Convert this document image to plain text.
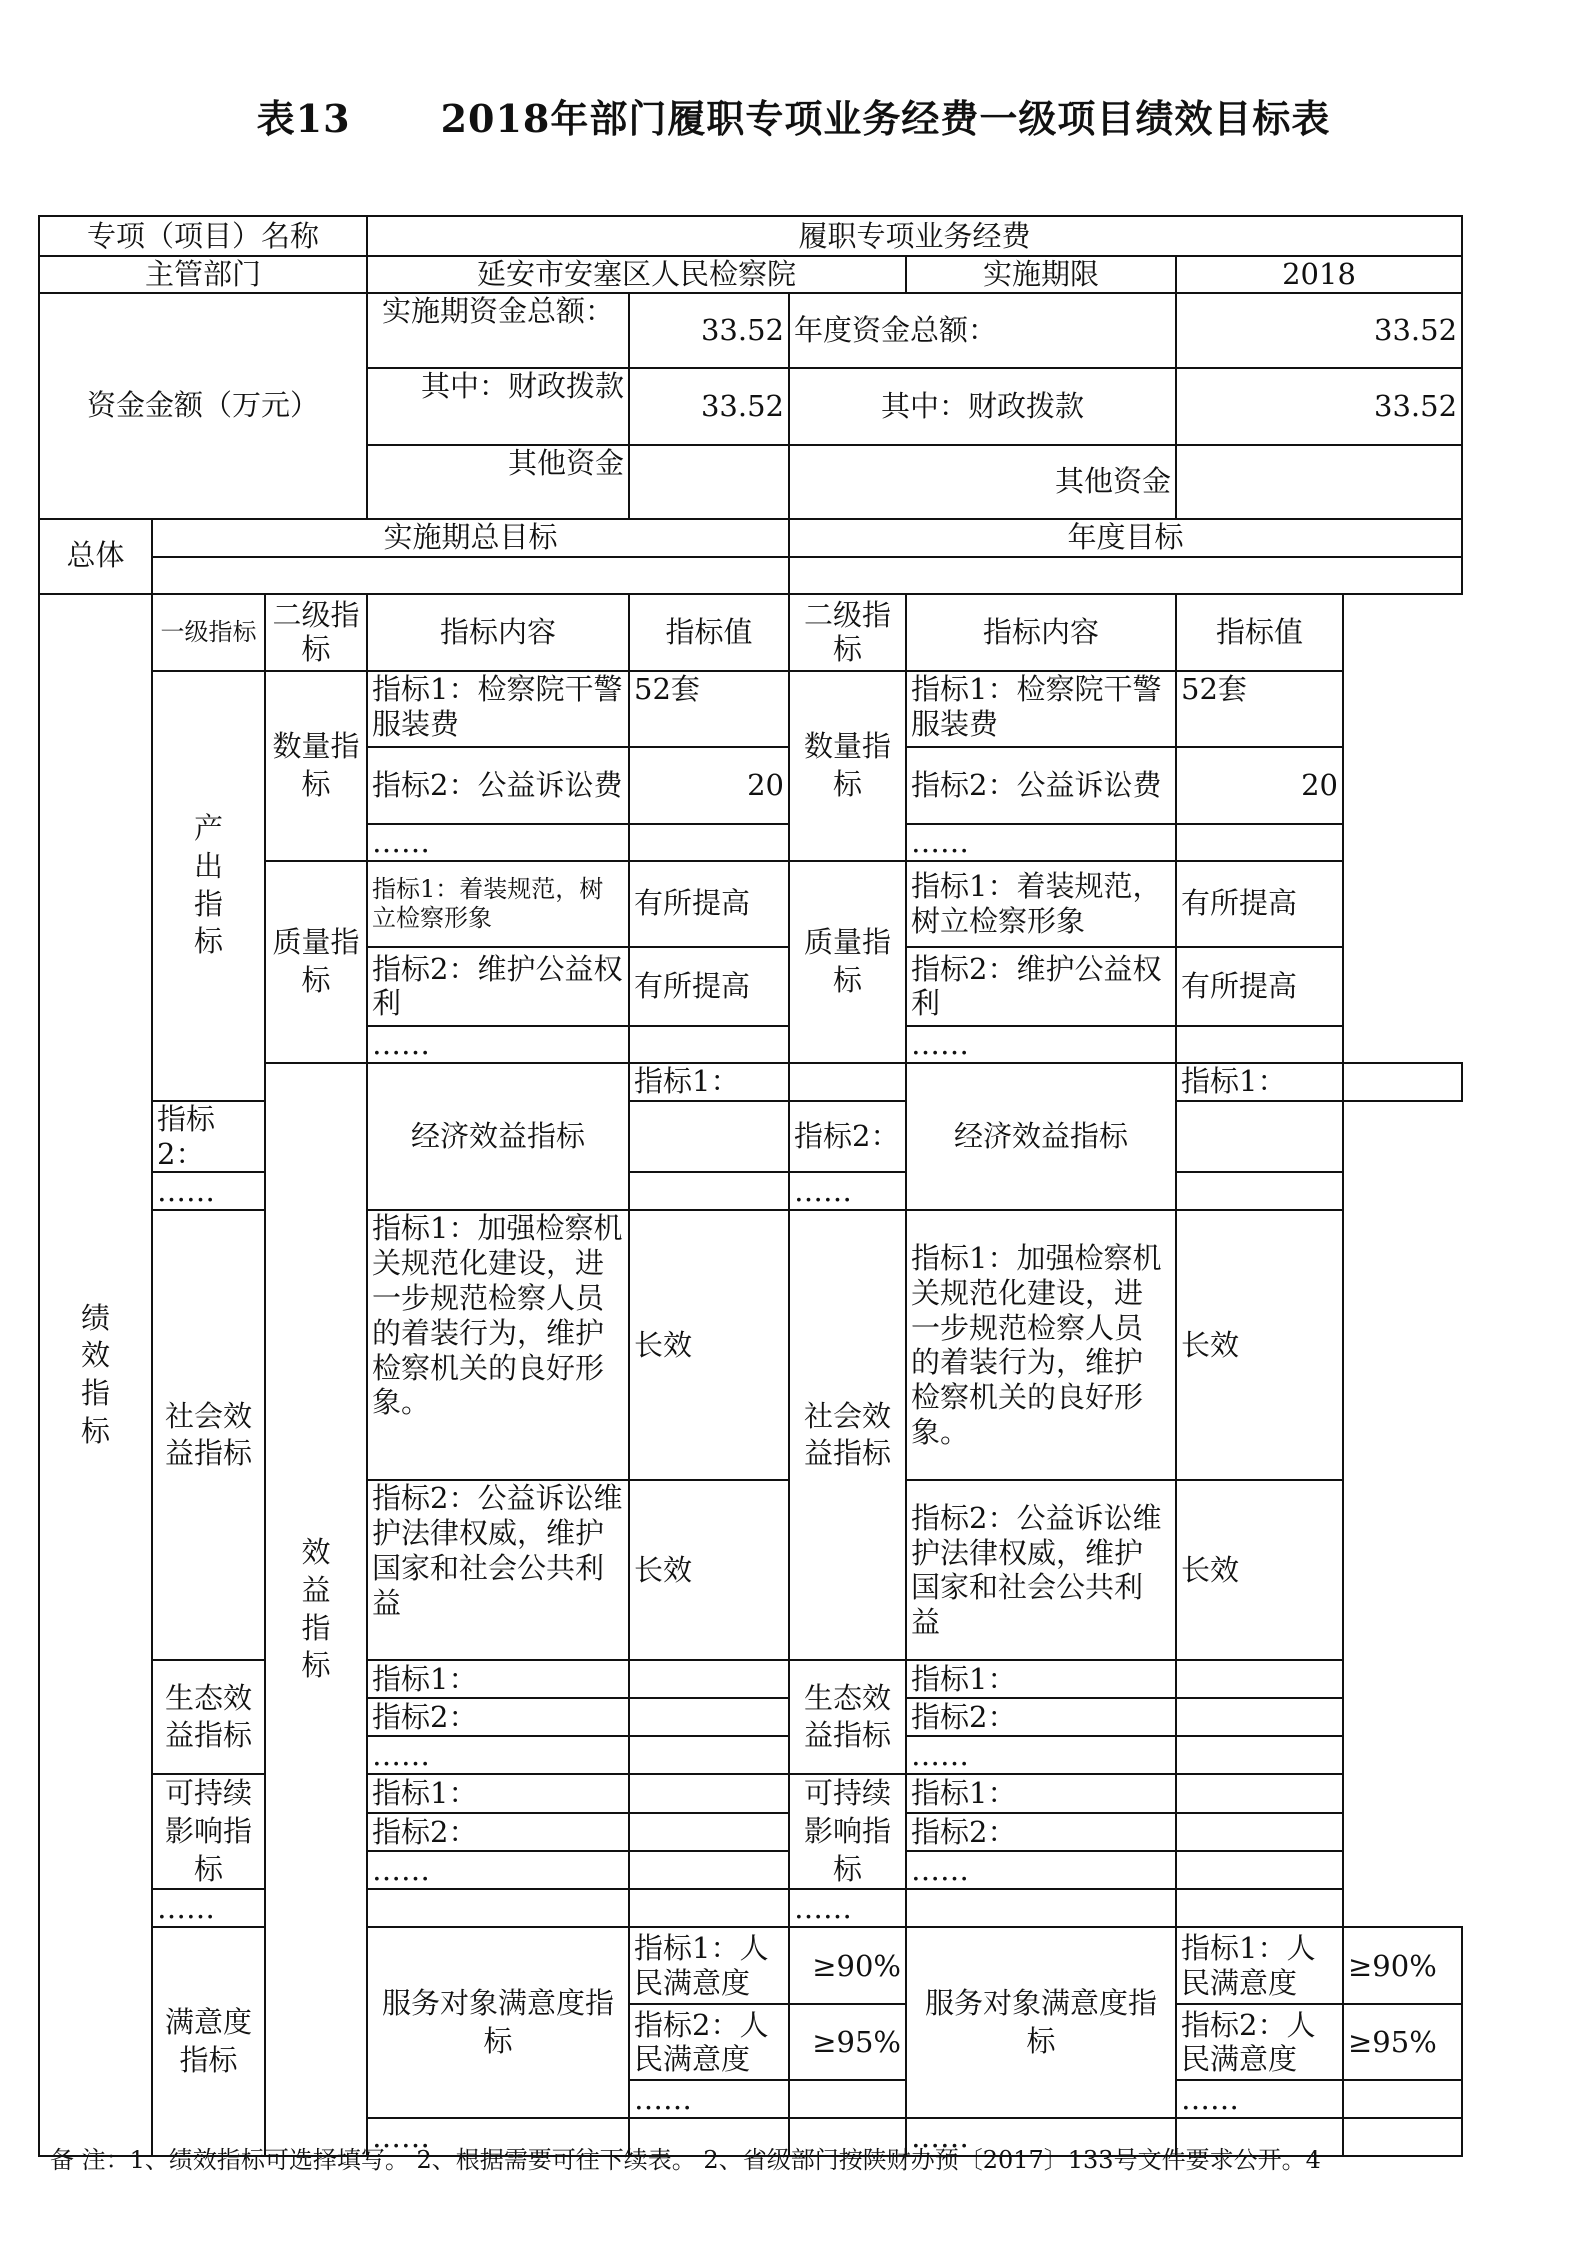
表13 2018年部门履职专项业务经费一级项目绩效目标表
专项（项目）名称			履职专项业务经费					
主管部门			延安市安塞区人民检察院			实施期限	2018	
资金金额（万元）			实施期资金总额：	33.52	年度资金总额：		33.52	
			其中：财政拨款	33.52	其中：财政拨款		33.52	
			其他资金		其他资金			
总体	实施期总目标				年度目标			

绩效指标	一级指标	二级指标	指标内容	指标值	二级指标	指标内容	指标值	
	产出指标	数量指标	指标1：检察院干警服装费	52套	数量指标	指标1：检察院干警服装费	52套	
			指标2：公益诉讼费	20		指标2：公益诉讼费	20	
			……			……		
		质量指标	指标1：着装规范，树立检察形象	有所提高	质量指标	指标1：着装规范，树立检察形象	有所提高	
			指标2：维护公益权利	有所提高		指标2：维护公益权利	有所提高	
			……			……		
		效益指标	经济效益指标	指标1：		经济效益指标	指标1：	
	指标2：				指标2：			
	……				……			
	社会效益指标		指标1：加强检察机关规范化建设，进一步规范检察人员的着装行为，维护检察机关的良好形象。	长效	社会效益指标	指标1：加强检察机关规范化建设，进一步规范检察人员的着装行为，维护检察机关的良好形象。	长效	
			指标2：公益诉讼维护法律权威，维护国家和社会公共利益	长效		指标2：公益诉讼维护法律权威，维护国家和社会公共利益	长效	
	生态效益指标		指标1：		生态效益指标	指标1：		
			指标2：			指标2：		
			……			……		
	可持续影响指标		指标1：		可持续影响指标	指标1：		
			指标2：			指标2：		
			……			……		
	……				……			
	满意度指标		服务对象满意度指标	指标1：人民满意度	≥90%	服务对象满意度指标	指标1：人民满意度	≥90%
				指标2：人民满意度	≥95%		指标2：人民满意度	≥95%
				……			……	
			……			……		
备 注：1、绩效指标可选择填写。 2、根据需要可往下续表。 2、省级部门按陕财办预〔2017〕133号文件要求公开。4
